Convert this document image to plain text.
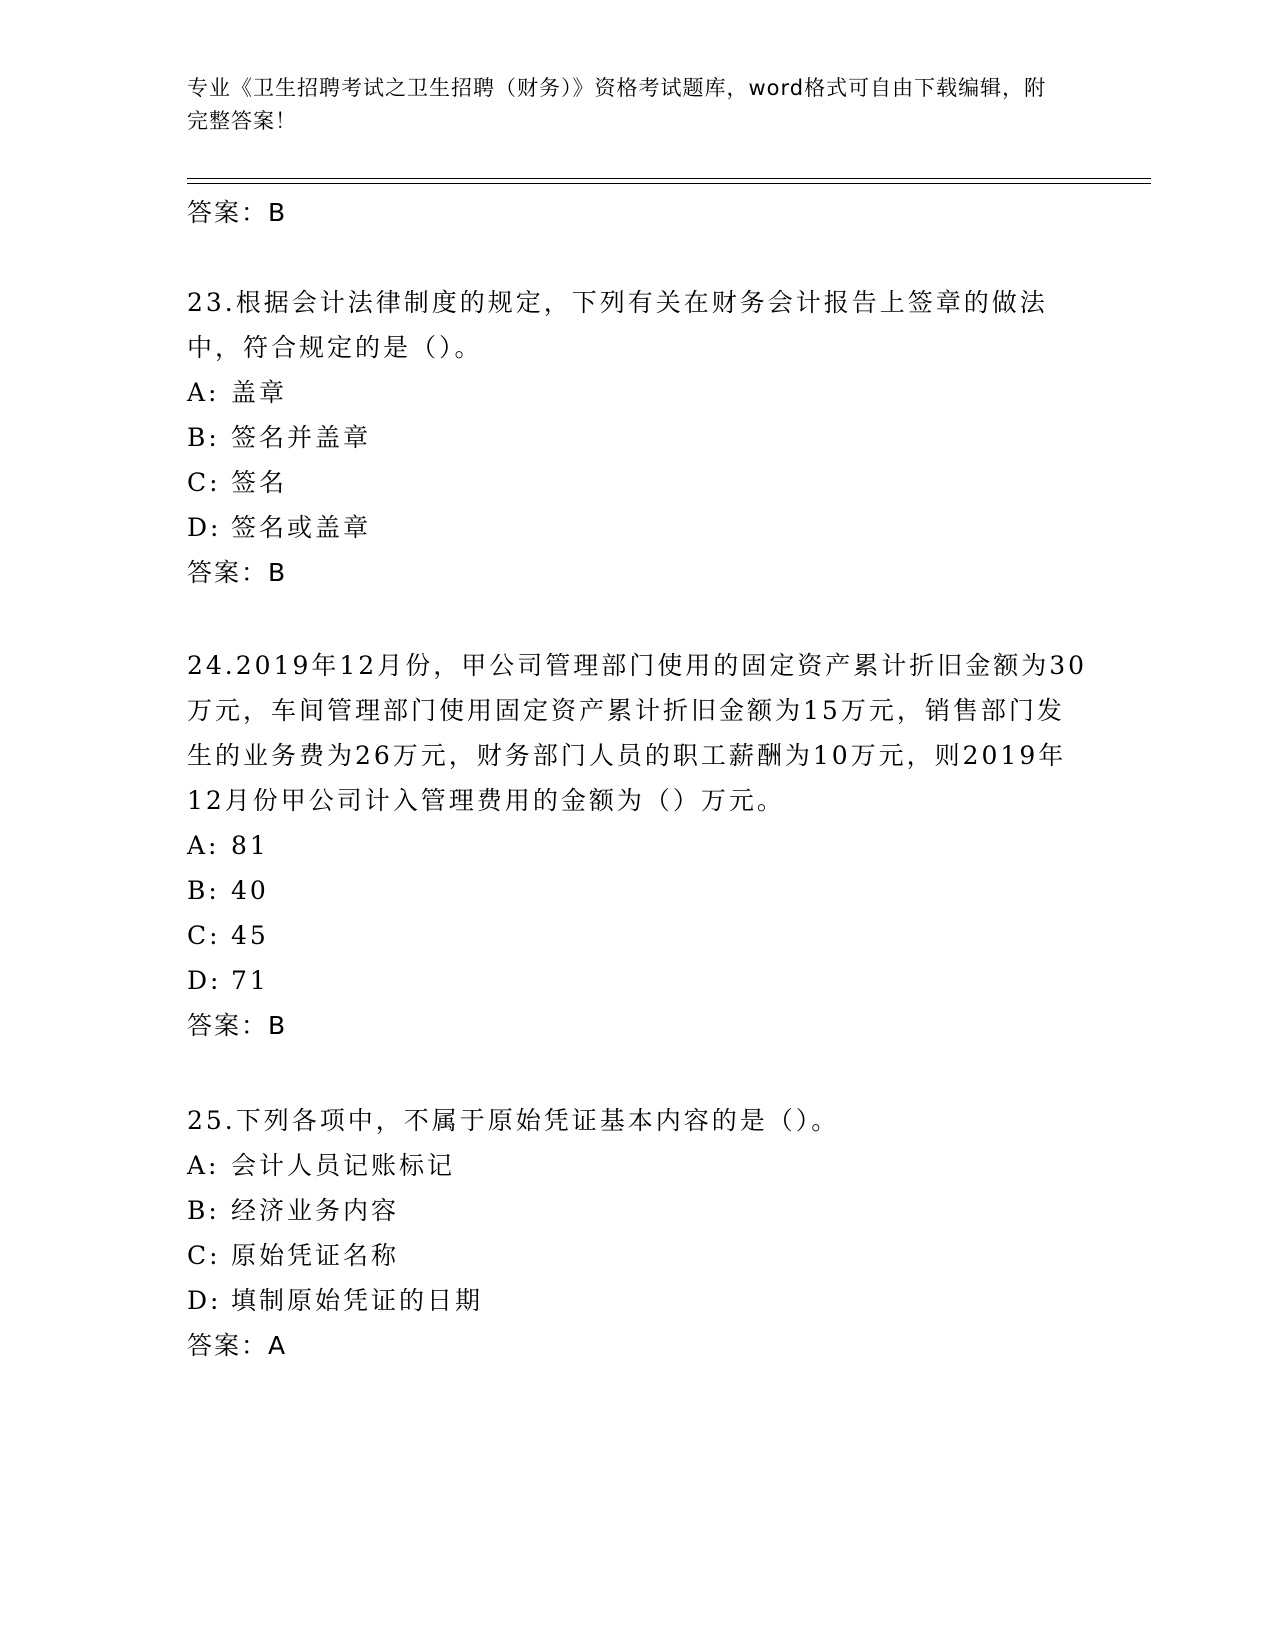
专业《卫生招聘考试之卫生招聘（财务）》资格考试题库，word格式可自由下载编辑，附完整答案！
答案：B
23.根据会计法律制度的规定，下列有关在财务会计报告上签章的做法中，符合规定的是（）。
A: 盖章
B: 签名并盖章
C: 签名
D: 签名或盖章
答案：B
24.2019年12月份，甲公司管理部门使用的固定资产累计折旧金额为30万元，车间管理部门使用固定资产累计折旧金额为15万元，销售部门发生的业务费为26万元，财务部门人员的职工薪酬为10万元，则2019年12月份甲公司计入管理费用的金额为（）万元。
A: 81
B: 40
C: 45
D: 71
答案：B
25.下列各项中，不属于原始凭证基本内容的是（）。
A: 会计人员记账标记
B: 经济业务内容
C: 原始凭证名称
D: 填制原始凭证的日期
答案：A
